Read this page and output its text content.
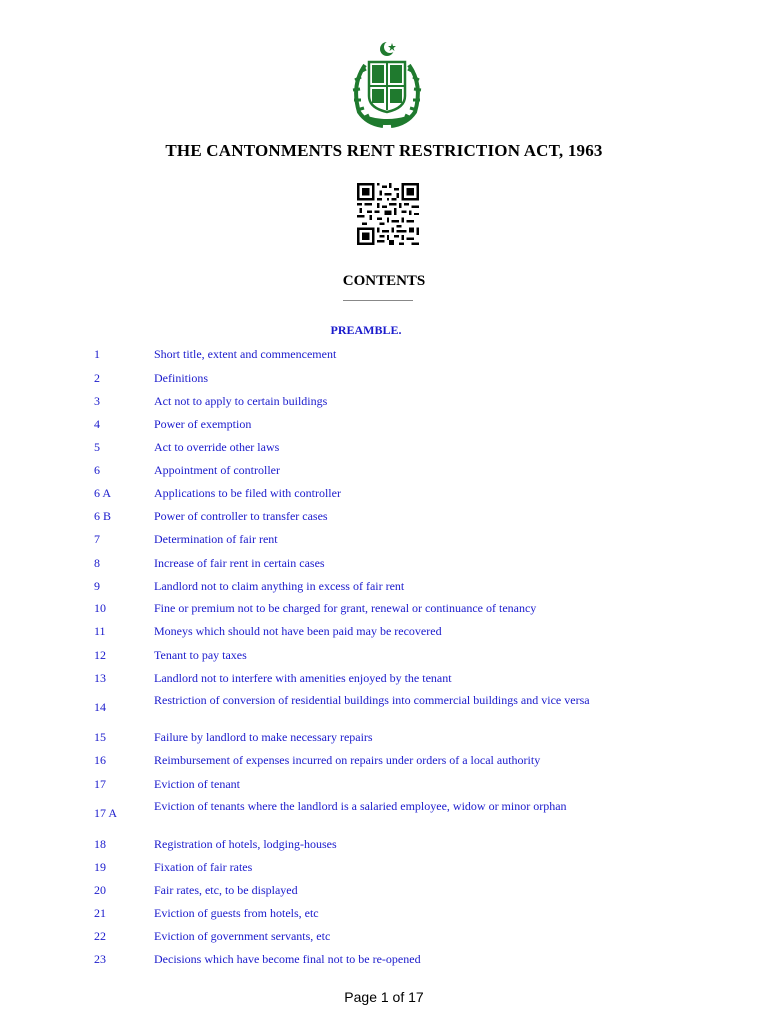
THE CANTONMENTS RENT RESTRICTION ACT, 1963
CONTENTS
PREAMBLE.
1	Short title, extent and commencement
2	Definitions
3	Act not to apply to certain buildings
4	Power of exemption
5	Act to override other laws
6	Appointment of controller
6 A	Applications to be filed with controller
6 B	Power of controller to transfer cases
7	Determination of fair rent
8	Increase of fair rent in certain cases
9	Landlord not to claim anything in excess of fair rent
10	Fine or premium not to be charged for grant, renewal or continuance of tenancy
11	Moneys which should not have been paid may be recovered
12	Tenant to pay taxes
13	Landlord not to interfere with amenities enjoyed by the tenant
14	Restriction of conversion of residential buildings into commercial buildings and vice versa
15	Failure by landlord to make necessary repairs
16	Reimbursement of expenses incurred on repairs under orders of a local authority
17	Eviction of tenant
17 A	Eviction of tenants where the landlord is a salaried employee, widow or minor orphan
18	Registration of hotels, lodging-houses
19	Fixation of fair rates
20	Fair rates, etc, to be displayed
21	Eviction of guests from hotels, etc
22	Eviction of government servants, etc
23	Decisions which have become final not to be re-opened
Page 1 of 17
